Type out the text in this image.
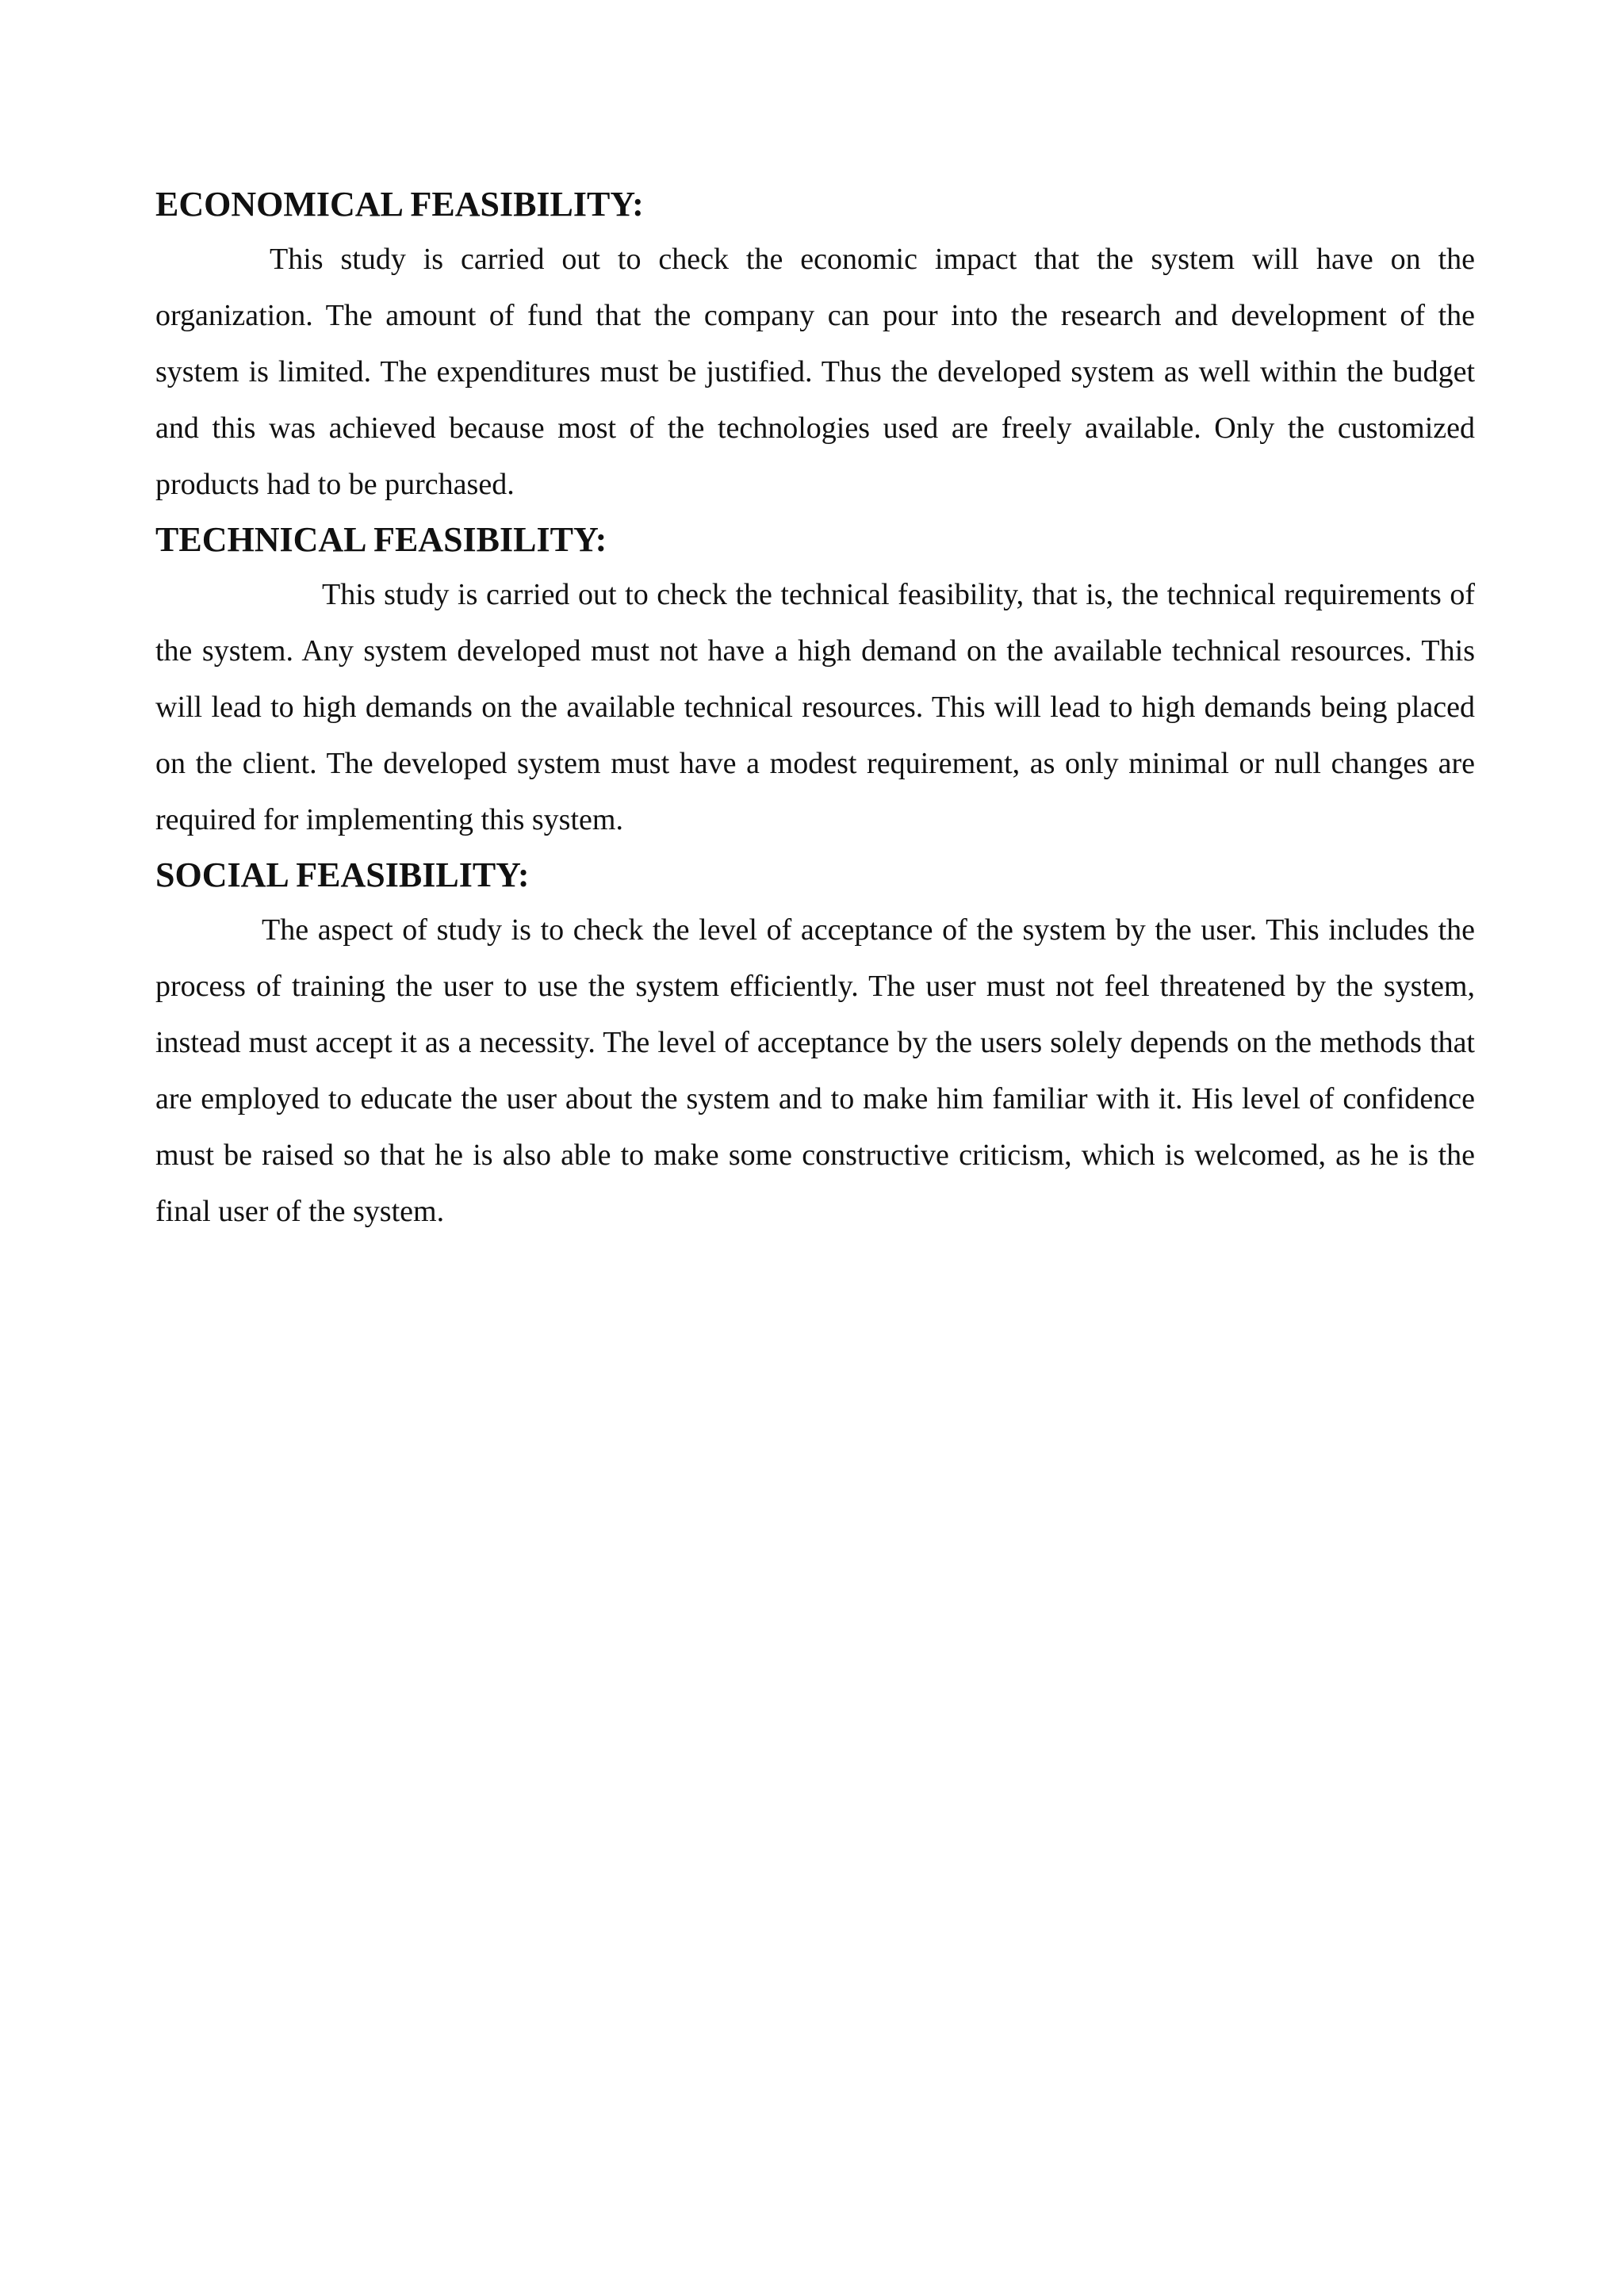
ECONOMICAL FEASIBILITY:

This study is carried out to check the economic impact that the system will have on the organization. The amount of fund that the company can pour into the research and development of the system is limited. The expenditures must be justified. Thus the developed system as well within the budget and this was achieved because most of the technologies used are freely available. Only the customized products had to be purchased.

TECHNICAL FEASIBILITY:

This study is carried out to check the technical feasibility, that is, the technical requirements of the system. Any system developed must not have a high demand on the available technical resources. This will lead to high demands on the available technical resources. This will lead to high demands being placed on the client. The developed system must have a modest requirement, as only minimal or null changes are required for implementing this system.

SOCIAL FEASIBILITY:

The aspect of study is to check the level of acceptance of the system by the user. This includes the process of training the user to use the system efficiently. The user must not feel threatened by the system, instead must accept it as a necessity. The level of acceptance by the users solely depends on the methods that are employed to educate the user about the system and to make him familiar with it. His level of confidence must be raised so that he is also able to make some constructive criticism, which is welcomed, as he is the final user of the system.
